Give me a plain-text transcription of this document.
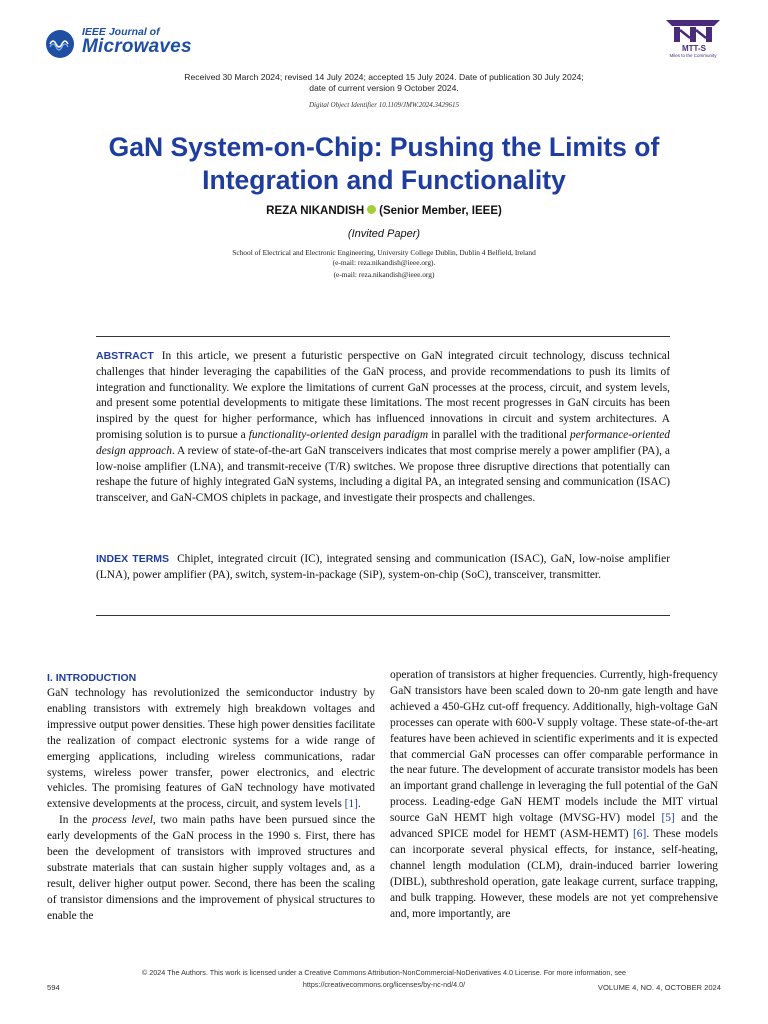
IEEE Journal of
Microwaves	MTT-S
Miles to the Community
Received 30 March 2024; revised 14 July 2024; accepted 15 July 2024. Date of publication 30 July 2024;
date of current version 9 October 2024.
Digital Object Identifier 10.1109/JMW.2024.3429615
GaN System-on-Chip: Pushing the Limits of
Integration and Functionality
REZA NIKANDISH (Senior Member, IEEE)
(Invited Paper)
School of Electrical and Electronic Engineering, University College Dublin, Dublin 4 Belfield, Ireland
(e-mail: reza.nikandish@ieee.org).
(e-mail: reza.nikandish@ieee.org)
ABSTRACT In this article, we present a futuristic perspective on GaN integrated circuit technology, discuss technical challenges that hinder leveraging the capabilities of the GaN process, and provide recommendations to push its limits of integration and functionality. We explore the limitations of current GaN processes at the process, circuit, and system levels, and present some potential developments to mitigate these limitations. The most recent progresses in GaN circuits has been inspired by the quest for higher performance, which has influenced innovations in circuit and system architectures. A promising solution is to pursue a functionality-oriented design paradigm in parallel with the traditional performance-oriented design approach. A review of state-of-the-art GaN transceivers indicates that most comprise merely a power amplifier (PA), a low-noise amplifier (LNA), and transmit-receive (T/R) switches. We propose three disruptive directions that potentially can reshape the future of highly integrated GaN systems, including a digital PA, an integrated sensing and communication (ISAC) transceiver, and GaN-CMOS chiplets in package, and investigate their prospects and challenges.
INDEX TERMS Chiplet, integrated circuit (IC), integrated sensing and communication (ISAC), GaN, low-noise amplifier (LNA), power amplifier (PA), switch, system-in-package (SiP), system-on-chip (SoC), transceiver, transmitter.
I. INTRODUCTION
GaN technology has revolutionized the semiconductor industry by enabling transistors with extremely high breakdown voltages and impressive output power densities. These high power densities facilitate the realization of compact electronic systems for a wide range of emerging applications, including wireless communications, radar systems, wireless power transfer, power electronics, and electric vehicles. The promising features of GaN technology have motivated extensive developments at the process, circuit, and system levels [1].
In the process level, two main paths have been pursued since the early developments of the GaN process in the 1990 s. First, there has been the development of transistors with improved structures and substrate materials that can sustain higher supply voltages and, as a result, deliver higher output power. Second, there has been the scaling of transistor dimensions and the improvement of physical structures to enable the
operation of transistors at higher frequencies. Currently, high-frequency GaN transistors have been scaled down to 20-nm gate length and have achieved a 450-GHz cut-off frequency. Additionally, high-voltage GaN processes can operate with 600-V supply voltage. These state-of-the-art features have been achieved in scientific experiments and it is expected that commercial GaN processes can offer comparable performance in the near future. The development of accurate transistor models has been an important grand challenge in leveraging the full potential of the GaN process. Leading-edge GaN HEMT models include the MIT virtual source GaN HEMT high voltage (MVSG-HV) model [5] and the advanced SPICE model for HEMT (ASM-HEMT) [6]. These models can incorporate several physical effects, for instance, self-heating, channel length modulation (CLM), drain-induced barrier lowering (DIBL), subthreshold operation, gate leakage current, surface trapping, and bulk trapping. However, these models are not yet comprehensive and, more importantly, are
© 2024 The Authors. This work is licensed under a Creative Commons Attribution-NonCommercial-NoDerivatives 4.0 License. For more information, see
https://creativecommons.org/licenses/by-nc-nd/4.0/
594	VOLUME 4, NO. 4, OCTOBER 2024
